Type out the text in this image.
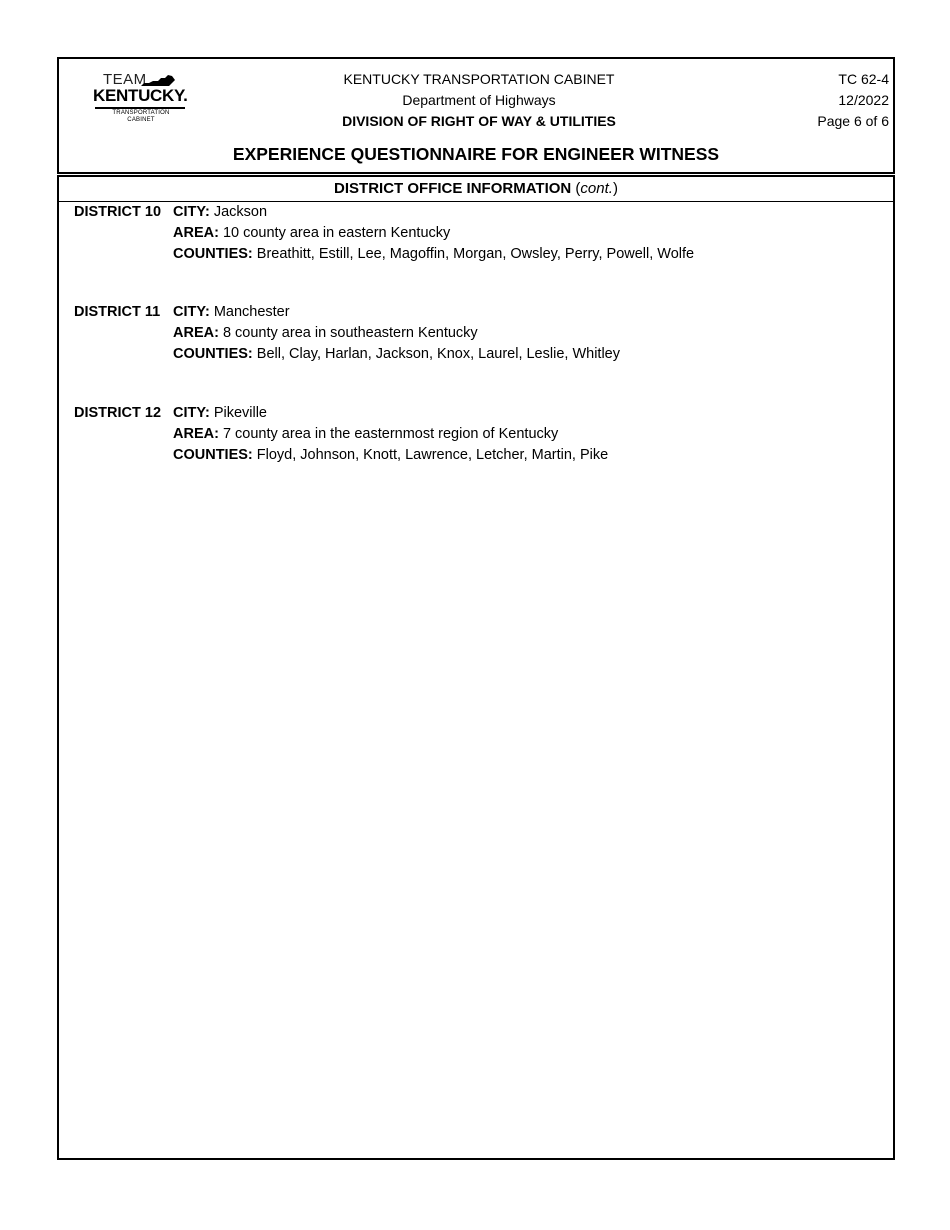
TEAM
KENTUCKY.
TRANSPORTATION
CABINET
KENTUCKY TRANSPORTATION CABINET
Department of Highways
DIVISION OF RIGHT OF WAY & UTILITIES
TC 62-4
12/2022
Page 6 of 6
EXPERIENCE QUESTIONNAIRE FOR ENGINEER WITNESS
DISTRICT OFFICE INFORMATION (cont.)
DISTRICT 10 CITY: Jackson
AREA: 10 county area in eastern Kentucky
COUNTIES: Breathitt, Estill, Lee, Magoffin, Morgan, Owsley, Perry, Powell, Wolfe
DISTRICT 11 CITY: Manchester
AREA: 8 county area in southeastern Kentucky
COUNTIES: Bell, Clay, Harlan, Jackson, Knox, Laurel, Leslie, Whitley
DISTRICT 12 CITY: Pikeville
AREA: 7 county area in the easternmost region of Kentucky
COUNTIES: Floyd, Johnson, Knott, Lawrence, Letcher, Martin, Pike
